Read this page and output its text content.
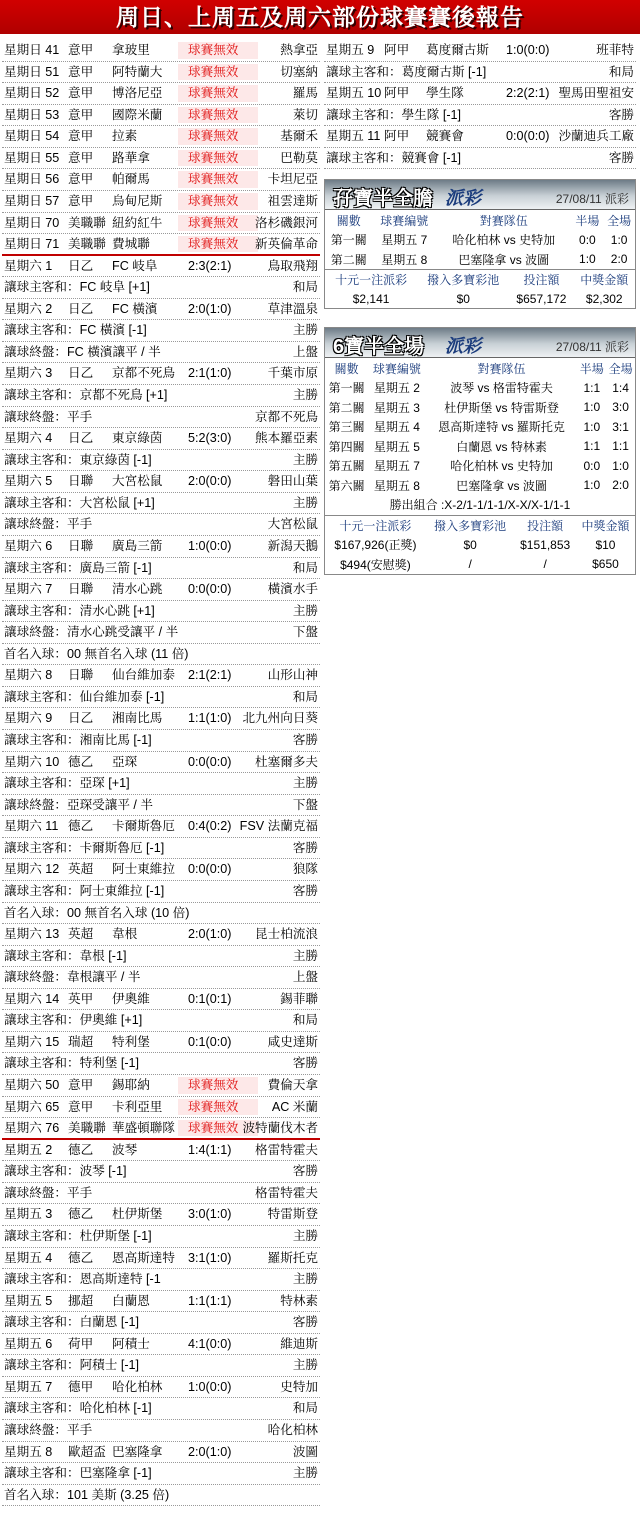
周日、上周五及周六部份球賽賽後報告
星期日 41 意甲 拿玻里	球賽無效	熱拿亞
星期日 51 意甲 阿特蘭大 球賽無效	切塞納
星期日 52 意甲 博洛尼亞 球賽無效	羅馬
星期日 53 意甲 國際米蘭 球賽無效	萊切
星期日 54 意甲 拉素	球賽無效	基爾禾
星期日 55 意甲 路華拿	球賽無效	巴勒莫
星期日 56 意甲 帕爾馬	球賽無效 卡坦尼亞
星期日 57 意甲 烏甸尼斯 球賽無效 祖雲達斯
星期日 70 美職聯 紐約紅牛 球賽無效 洛杉磯銀河
星期日 71 美職聯 費城聯	球賽無效 新英倫革命
星期六 1 日乙 FC 岐阜 2:3(2:1)	鳥取飛翔
讓球主客和：FC 岐阜 [+1]	和局
星期六 2 日乙 FC 橫濱 2:0(1:0)	草津溫泉
讓球主客和：FC 橫濱 [-1]	主勝
讓球終盤：FC 橫濱讓平 / 半	上盤
星期六 3 日乙 京都不死鳥 2:1(1:0)	千葉市原
讓球主客和：京都不死鳥 [+1]	主勝
讓球終盤：平手	京都不死鳥
星期六 4 日乙 東京綠茵 5:2(3:0) 熊本羅亞素
讓球主客和：東京綠茵 [-1]	主勝
星期六 5 日聯 大宮松鼠 2:0(0:0)	磐田山葉
讓球主客和：大宮松鼠 [+1]	主勝
讓球終盤：平手	大宮松鼠
星期六 6 日聯 廣島三箭 1:0(0:0)	新潟天鵝
讓球主客和：廣島三箭 [-1]	和局
星期六 7 日聯 清水心跳 0:0(0:0)	橫濱水手
讓球主客和：清水心跳 [+1]	主勝
讓球終盤：清水心跳受讓平 / 半	下盤
首名入球：00 無首名入球 (11 倍)
星期六 8 日聯 仙台維加泰 2:1(2:1)	山形山神
讓球主客和：仙台維加泰 [-1]	和局
星期六 9 日乙 湘南比馬 1:1(1:0) 北九州向日葵
讓球主客和：湘南比馬 [-1]	客勝
星期六 10 德乙 亞琛	0:0(0:0) 杜塞爾多夫
讓球主客和：亞琛 [+1]	主勝
讓球終盤：亞琛受讓平 / 半	下盤
星期六 11 德乙 卡爾斯魯厄 0:4(0:2) FSV 法蘭克福
讓球主客和：卡爾斯魯厄 [-1]	客勝
星期六 12 英超 阿士東維拉 0:0(0:0)	狼隊
讓球主客和：阿士東維拉 [-1]	客勝
首名入球：00 無首名入球 (10 倍)
星期六 13 英超 韋根	2:0(1:0) 昆士柏流浪
讓球主客和：韋根 [-1]	主勝
讓球終盤：韋根讓平 / 半	上盤
星期六 14 英甲 伊奧維	0:1(0:1)	錫菲聯
讓球主客和：伊奧維 [+1]	和局
星期六 15 瑞超 特利堡	0:1(0:0)	咸史達斯
讓球主客和：特利堡 [-1]	客勝
星期六 50 意甲 錫耶納	球賽無效 費倫天拿
星期六 65 意甲 卡利亞里 球賽無效	AC 米蘭
星期六 76 美職聯 華盛頓聯隊 球賽無效 波特蘭伐木者
星期五 2 德乙 波琴	1:4(1:1) 格雷特霍夫
讓球主客和：波琴 [-1]	客勝
讓球終盤：平手	格雷特霍夫
星期五 3 德乙 杜伊斯堡 3:0(1:0)	特雷斯登
讓球主客和：杜伊斯堡 [-1]	主勝
星期五 4 德乙 恩高斯達特 3:1(1:0)	羅斯托克
讓球主客和：恩高斯達特 [-1	主勝
星期五 5 挪超 白蘭恩	1:1(1:1)	特林素
讓球主客和：白蘭恩 [-1]	客勝
星期五 6 荷甲 阿積士	4:1(0:0)	維迪斯
讓球主客和：阿積士 [-1]	主勝
星期五 7 德甲 哈化柏林 1:0(0:0)	史特加
讓球主客和：哈化柏林 [-1]	和局
讓球終盤：平手	哈化柏林
星期五 8 歐超盃 巴塞隆拿 2:0(1:0)	波圖
讓球主客和：巴塞隆拿 [-1]	主勝
首名入球：101 美斯 (3.25 倍)
星期五 9 阿甲 葛度爾古斯 1:0(0:0)	班菲特
讓球主客和：葛度爾古斯 [-1]	和局
星期五 10 阿甲 學生隊	2:2(2:1) 聖馬田聖祖安
讓球主客和：學生隊 [-1]	客勝
星期五 11 阿甲 競賽會	0:0(0:0) 沙蘭迪兵工廠
讓球主客和：競賽會 [-1]	客勝
孖寶半全膽 派彩	27/08/11 派彩
關數	球賽編號	對賽隊伍	半場	全場
第一關	星期五 7	哈化柏林 vs 史特加	0:0	1:0
第二關	星期五 8	巴塞隆拿 vs 波圖	1:0	2:0
十元一注派彩	撥入多寶彩池	投注額	中獎金額
$2,141	$0	$657,172	$2,302
6寶半全場 派彩	27/08/11 派彩
關數	球賽編號	對賽隊伍	半場	全場
第一關	星期五 2	波琴 vs 格雷特霍夫	1:1	1:4
第二關	星期五 3	杜伊斯堡 vs 特雷斯登	1:0	3:0
第三關	星期五 4	恩高斯達特 vs 羅斯托克	1:0	3:1
第四關	星期五 5	白蘭恩 vs 特林素	1:1	1:1
第五關	星期五 7	哈化柏林 vs 史特加	0:0	1:0
第六關	星期五 8	巴塞隆拿 vs 波圖	1:0	2:0
勝出組合 :X-2/1-1/1-1/X-X/X-1/1-1
十元一注派彩	撥入多寶彩池	投注額	中獎金額
$167,926(正獎)	$0	$151,853	$10
$494(安慰獎)	/	/	$650
